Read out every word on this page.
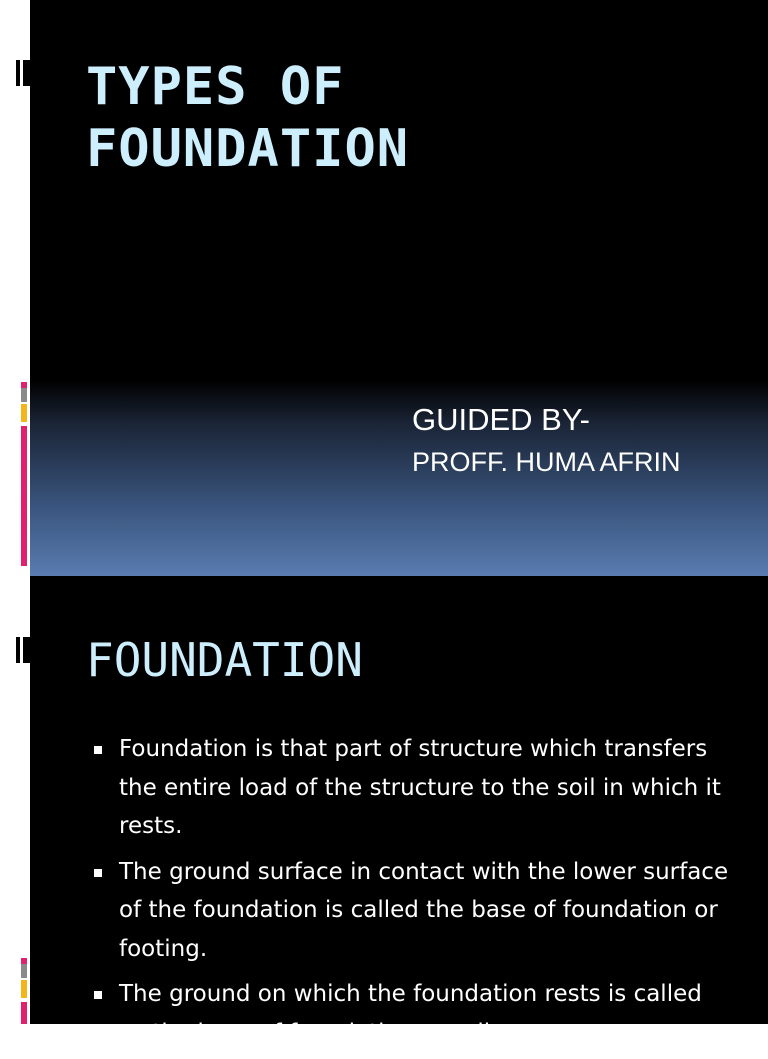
TYPES OF
FOUNDATION
GUIDED BY-
PROFF. HUMA AFRIN
FOUNDATION
Foundation is that part of structure which transfers the entire load of the structure to the soil in which it rests.
The ground surface in contact with the lower surface of the foundation is called the base of foundation or footing.
The ground on which the foundation rests is called as the base of foundation or soil.
